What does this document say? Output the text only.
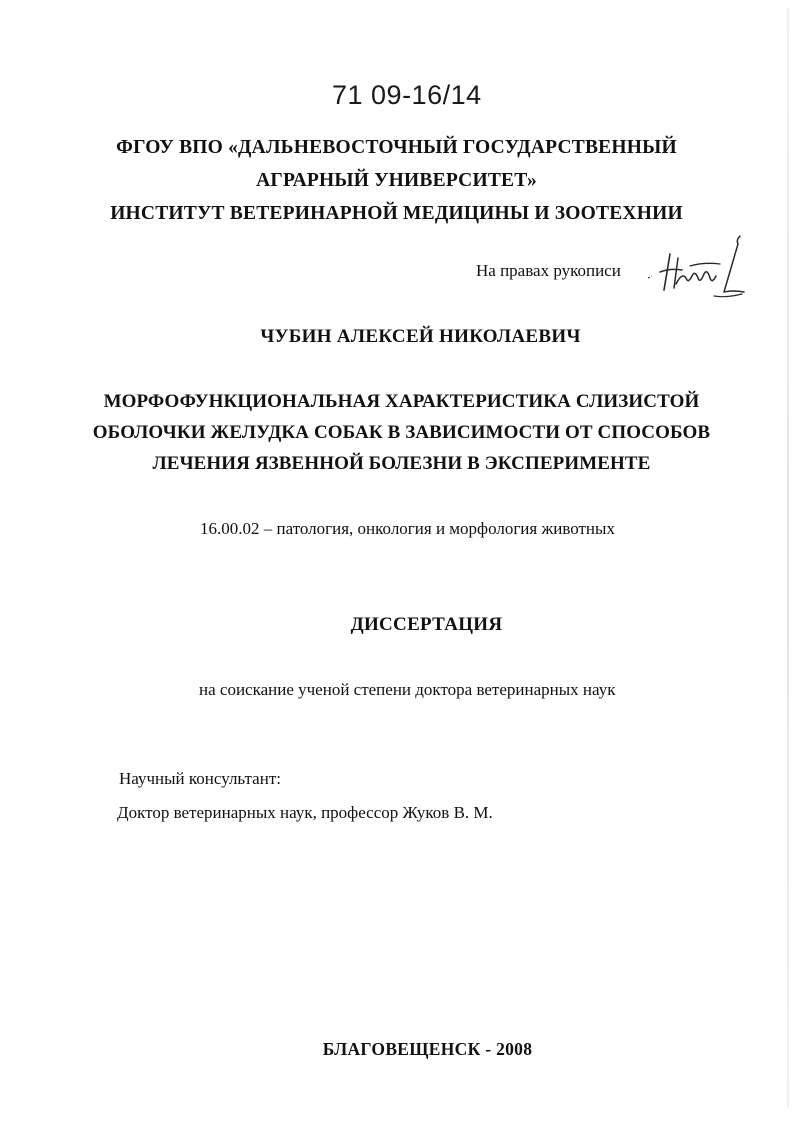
71 09-16/14
ФГОУ ВПО «ДАЛЬНЕВОСТОЧНЫЙ ГОСУДАРСТВЕННЫЙ
АГРАРНЫЙ УНИВЕРСИТЕТ»
ИНСТИТУТ ВЕТЕРИНАРНОЙ МЕДИЦИНЫ И ЗООТЕХНИИ
На правах рукописи
ЧУБИН АЛЕКСЕЙ НИКОЛАЕВИЧ
МОРФОФУНКЦИОНАЛЬНАЯ ХАРАКТЕРИСТИКА СЛИЗИСТОЙ
ОБОЛОЧКИ ЖЕЛУДКА СОБАК В ЗАВИСИМОСТИ ОТ СПОСОБОВ
ЛЕЧЕНИЯ ЯЗВЕННОЙ БОЛЕЗНИ В ЭКСПЕРИМЕНТЕ
16.00.02 – патология, онкология и морфология животных
ДИССЕРТАЦИЯ
на соискание ученой степени доктора ветеринарных наук
Научный консультант:
Доктор ветеринарных наук, профессор Жуков В. М.
БЛАГОВЕЩЕНСК - 2008
